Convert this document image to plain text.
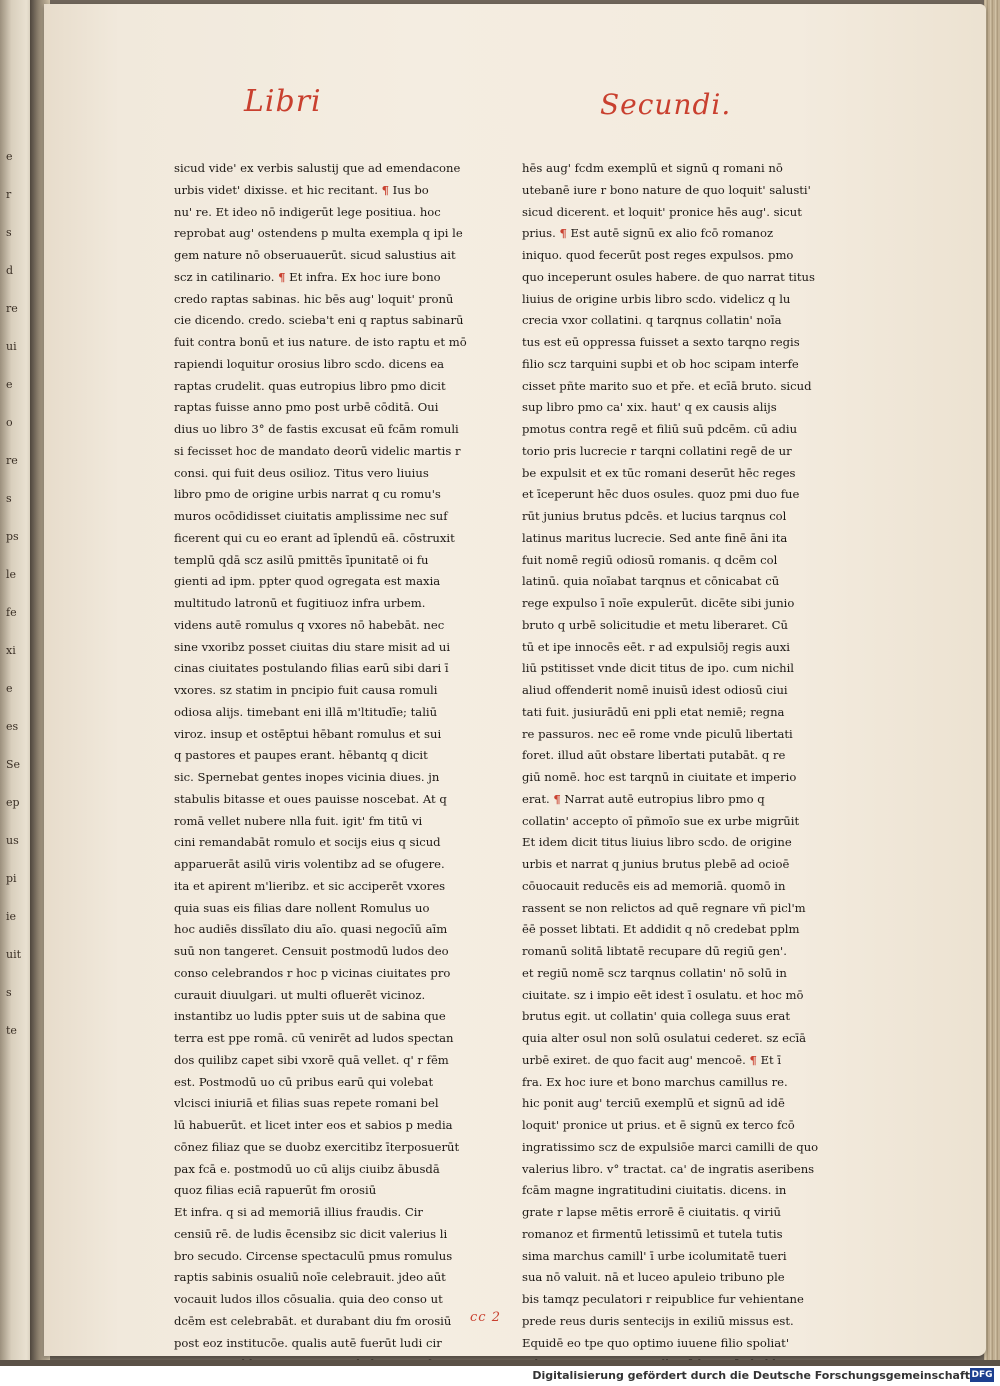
e
r
s
d
re
ui
e
o
re
s
ps
le
fe
xi
e
es
Se
ep
us
pi
ie
uit
s
te
Libri	Secundi.
sicud vide' ex verbis salustij que ad emendacone
urbis videt' dixisse. et hic recitant. ¶ Ius bo
nu' re. Et ideo nō indigerūt lege positiua. hoc
reprobat aug' ostendens p multa exempla q ipi le
gem nature nō obseruauerūt. sicud salustius ait
scz in catilinario. ¶ Et infra. Ex hoc iure bono
credo raptas sabinas. hic bēs aug' loquit' pronū
cie dicendo. credo. scieba't eni q raptus sabinarū
fuit contra bonū et ius nature. de isto raptu et mō
rapiendi loquitur orosius libro scdo. dicens ea
raptas crudelit. quas eutropius libro pmo dicit
raptas fuisse anno pmo post urbē cōditā. Oui
dius uo libro 3° de fastis excusat eū fcām romuli
si fecisset hoc de mandato deorū videlic martis r
consi. qui fuit deus osilioz. Titus vero liuius
libro pmo de origine urbis narrat q cu romu's
muros ocōdidisset ciuitatis amplissime nec suf
ficerent qui cu eo erant ad īplendū eā. cōstruxit
templū qdā scz asilū pmittēs īpunitatē oi fu
gienti ad ipm. ppter quod ogregata est maxia
multitudo latronū et fugitiuoz infra urbem.
videns autē romulus q vxores nō habebāt. nec
sine vxoribz posset ciuitas diu stare misit ad ui
cinas ciuitates postulando filias earū sibi dari ī
vxores. sz statim in pncipio fuit causa romuli
odiosa alijs. timebant eni illā m'ltitudīe; taliū
viroz. insup et ostēptui hēbant romulus et sui
q pastores et paupes erant. hēbantq q dicit
sic. Spernebat gentes inopes vicinia diues. jn
stabulis bitasse et oues pauisse noscebat. At q
romā vellet nubere nlla fuit. igit' fm titū vi
cini remandabāt romulo et socijs eius q sicud
apparuerāt asilū viris volentibz ad se ofugere.
ita et apirent m'lieribz. et sic acciperēt vxores
quia suas eis filias dare nollent Romulus uo
hoc audiēs dissīlato diu aīo. quasi negocīū aīm
suū non tangeret. Censuit postmodū ludos deo
conso celebrandos r hoc p vicinas ciuitates pro
curauit diuulgari. ut multi ofluerēt vicinoz.
instantibz uo ludis ppter suis ut de sabina que
terra est ppe romā. cū venirēt ad ludos spectan
dos quilibz capet sibi vxorē quā vellet. q' r fēm
est. Postmodū uo cū pribus earū qui volebat
vlcisci iniuriā et filias suas repete romani bel
lū habuerūt. et licet inter eos et sabios p media
cōnez filiaz que se duobz exercitibz īterposuerūt
pax fcā e. postmodū uo cū alijs ciuibz ābusdā
quoz filias eciā rapuerūt fm orosiū
Et infra. q si ad memoriā illius fraudis. Cir
censiū rē. de ludis ēcensibz sic dicit valerius li
bro secudo. Circense spectaculū pmus romulus
raptis sabinis osualiū noīe celebrauit. jdeo aūt
vocauit ludos illos cōsualia. quia deo conso ut
dcēm est celebrabāt. et durabant diu fm orosiū
post eoz institucōe. qualis autē fuerūt ludi cir
hēs aug' fcdm exemplū et signū q romani nō
utebanē iure r bono nature de quo loquit' salusti'
sicud dicerent. et loquit' pronice hēs aug'. sicut
prius. ¶ Est autē signū ex alio fcō romanoz
iniquo. quod fecerūt post reges expulsos. pmo
quo inceperunt osules habere. de quo narrat titus
liuius de origine urbis libro scdo. videlicz q lu
crecia vxor collatini. q tarqnus collatin' noīa
tus est eū oppressa fuisset a sexto tarqno regis
filio scz tarquini supbi et ob hoc scipam interfe
cisset pñte marito suo et pře. et ecīā bruto. sicud
sup libro pmo ca' xix. haut' q ex causis alijs
pmotus contra regē et filiū suū pdcēm. cū adiu
torio pris lucrecie r tarqni collatini regē de ur
be expulsit et ex tūc romani deserūt hēc reges
et īceperunt hēc duos osules. quoz pmi duo fue
rūt junius brutus pdcēs. et lucius tarqnus col
latinus maritus lucrecie. Sed ante finē āni ita
fuit nomē regiū odiosū romanis. q dcēm col
latinū. quia noīabat tarqnus et cōnicabat cū
rege expulso ī noīe expulerūt. dicēte sibi junio
bruto q urbē solicitudie et metu liberaret. Cū
tū et ipe innocēs eēt. r ad expulsiōj regis auxi
liū pstitisset vnde dicit titus de ipo. cum nichil
aliud offenderit nomē inuisū idest odiosū ciui
tati fuit. jusiurādū eni ppli etat nemiē; regna
re passuros. nec eē rome vnde piculū libertati
foret. illud aūt obstare libertati putabāt. q re
giū nomē. hoc est tarqnū in ciuitate et imperio
erat. ¶ Narrat autē eutropius libro pmo q
collatin' accepto oī pñmoīo sue ex urbe migrūit
Et idem dicit titus liuius libro scdo. de origine
urbis et narrat q junius brutus plebē ad ocioē
cōuocauit reducēs eis ad memoriā. quomō in
rassent se non relictos ad quē regnare vñ picl'm
ēē posset libtati. Et addidit q nō credebat pplm
romanū solitā libtatē recupare dū regiū gen'.
et regiū nomē scz tarqnus collatin' nō solū in
ciuitate. sz i impio eēt idest ī osulatu. et hoc mō
brutus egit. ut collatin' quia collega suus erat
quia alter osul non solū osulatui cederet. sz ecīā
urbē exiret. de quo facit aug' mencoē. ¶ Et ī
fra. Ex hoc iure et bono marchus camillus re.
hic ponit aug' terciū exemplū et signū ad idē
loquit' pronice ut prius. et ē signū ex terco fcō
ingratissimo scz de expulsiōe marci camilli de quo
valerius libro. v° tractat. ca' de ingratis aseribens
fcām magne ingratitudini ciuitatis. dicens. in
grate r lapse mētis errorē ē ciuitatis. q viriū
romanoz et firmentū letissimū et tutela tutis
sima marchus camill' ī urbe icolumitatē tueri
sua nō valuit. nā et luceo apuleio tribuno ple
bis tamqz peculatori r reipublice fur vehientane
prede reus duris sentecijs in exiliū missus est.
Equidē eo tpe quo optimo iuuene filio spoliat'
cc 2
Digitalisierung gefördert durch die Deutsche Forschungsgemeinschaft DFG
